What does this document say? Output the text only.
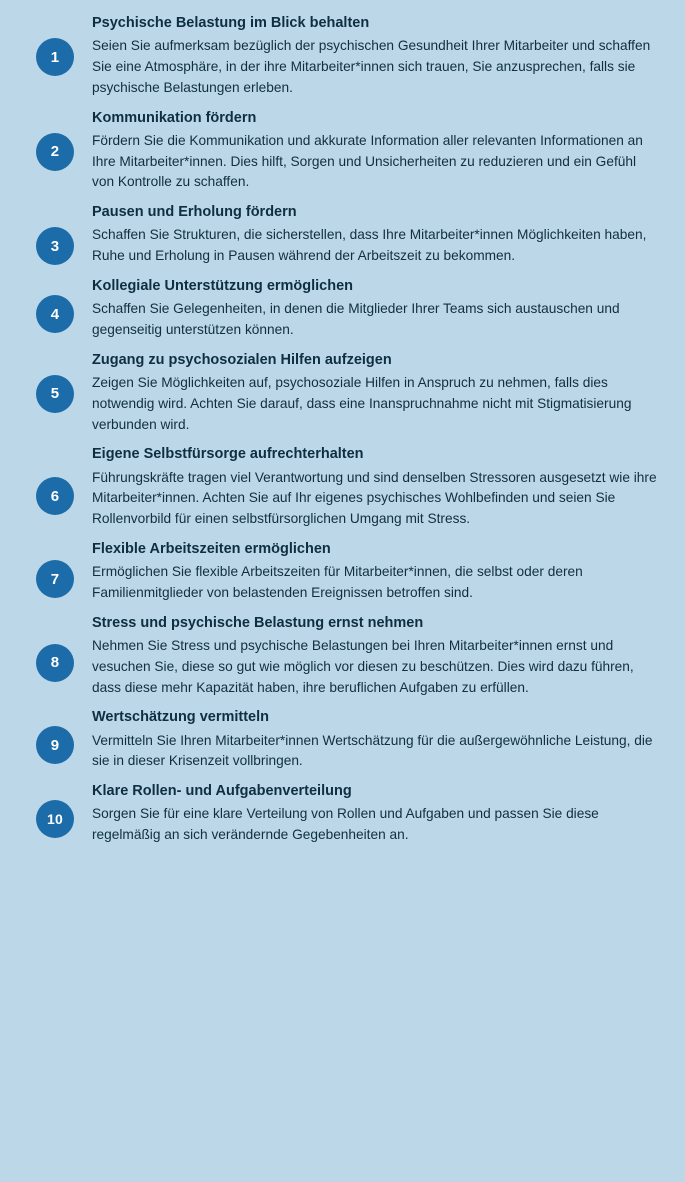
1

Psychische Belastung im Blick behalten

Seien Sie aufmerksam bezüglich der psychischen Gesundheit Ihrer Mitarbeiter und schaffen Sie eine Atmosphäre, in der ihre Mitarbeiter*innen sich trauen, Sie anzusprechen, falls sie psychische Belastungen erleben.

2

Kommunikation fördern

Fördern Sie die Kommunikation und akkurate Information aller relevanten Informationen an Ihre Mitarbeiter*innen. Dies hilft, Sorgen und Unsicherheiten zu reduzieren und ein Gefühl von Kontrolle zu schaffen.

3

Pausen und Erholung fördern

Schaffen Sie Strukturen, die sicherstellen, dass Ihre Mitarbeiter*innen Möglichkeiten haben, Ruhe und Erholung in Pausen während der Arbeitszeit zu bekommen.

4

Kollegiale Unterstützung ermöglichen

Schaffen Sie Gelegenheiten, in denen die Mitglieder Ihrer Teams sich austauschen und gegenseitig unterstützen können.

5

Zugang zu psychosozialen Hilfen aufzeigen

Zeigen Sie Möglichkeiten auf, psychosoziale Hilfen in Anspruch zu nehmen, falls dies notwendig wird. Achten Sie darauf, dass eine Inanspruchnahme nicht mit Stigmatisierung verbunden wird.

6

Eigene Selbstfürsorge aufrechterhalten

Führungskräfte tragen viel Verantwortung und sind denselben Stressoren ausgesetzt wie ihre Mitarbeiter*innen. Achten Sie auf Ihr eigenes psychisches Wohlbefinden und seien Sie Rollenvorbild für einen selbstfürsorglichen Umgang mit Stress.

7

Flexible Arbeitszeiten ermöglichen

Ermöglichen Sie flexible Arbeitszeiten für Mitarbeiter*innen, die selbst oder deren Familienmitglieder von belastenden Ereignissen betroffen sind.

8

Stress und psychische Belastung ernst nehmen

Nehmen Sie Stress und psychische Belastungen bei Ihren Mitarbeiter*innen ernst und vesuchen Sie, diese so gut wie möglich vor diesen zu beschützen. Dies wird dazu führen, dass diese mehr Kapazität haben, ihre beruflichen Aufgaben zu erfüllen.

9

Wertschätzung vermitteln

Vermitteln Sie Ihren Mitarbeiter*innen Wertschätzung für die außergewöhnliche Leistung, die sie in dieser Krisenzeit vollbringen.

10

Klare Rollen- und Aufgabenverteilung

Sorgen Sie für eine klare Verteilung von Rollen und Aufgaben und passen Sie diese regelmäßig an sich verändernde Gegebenheiten an.
